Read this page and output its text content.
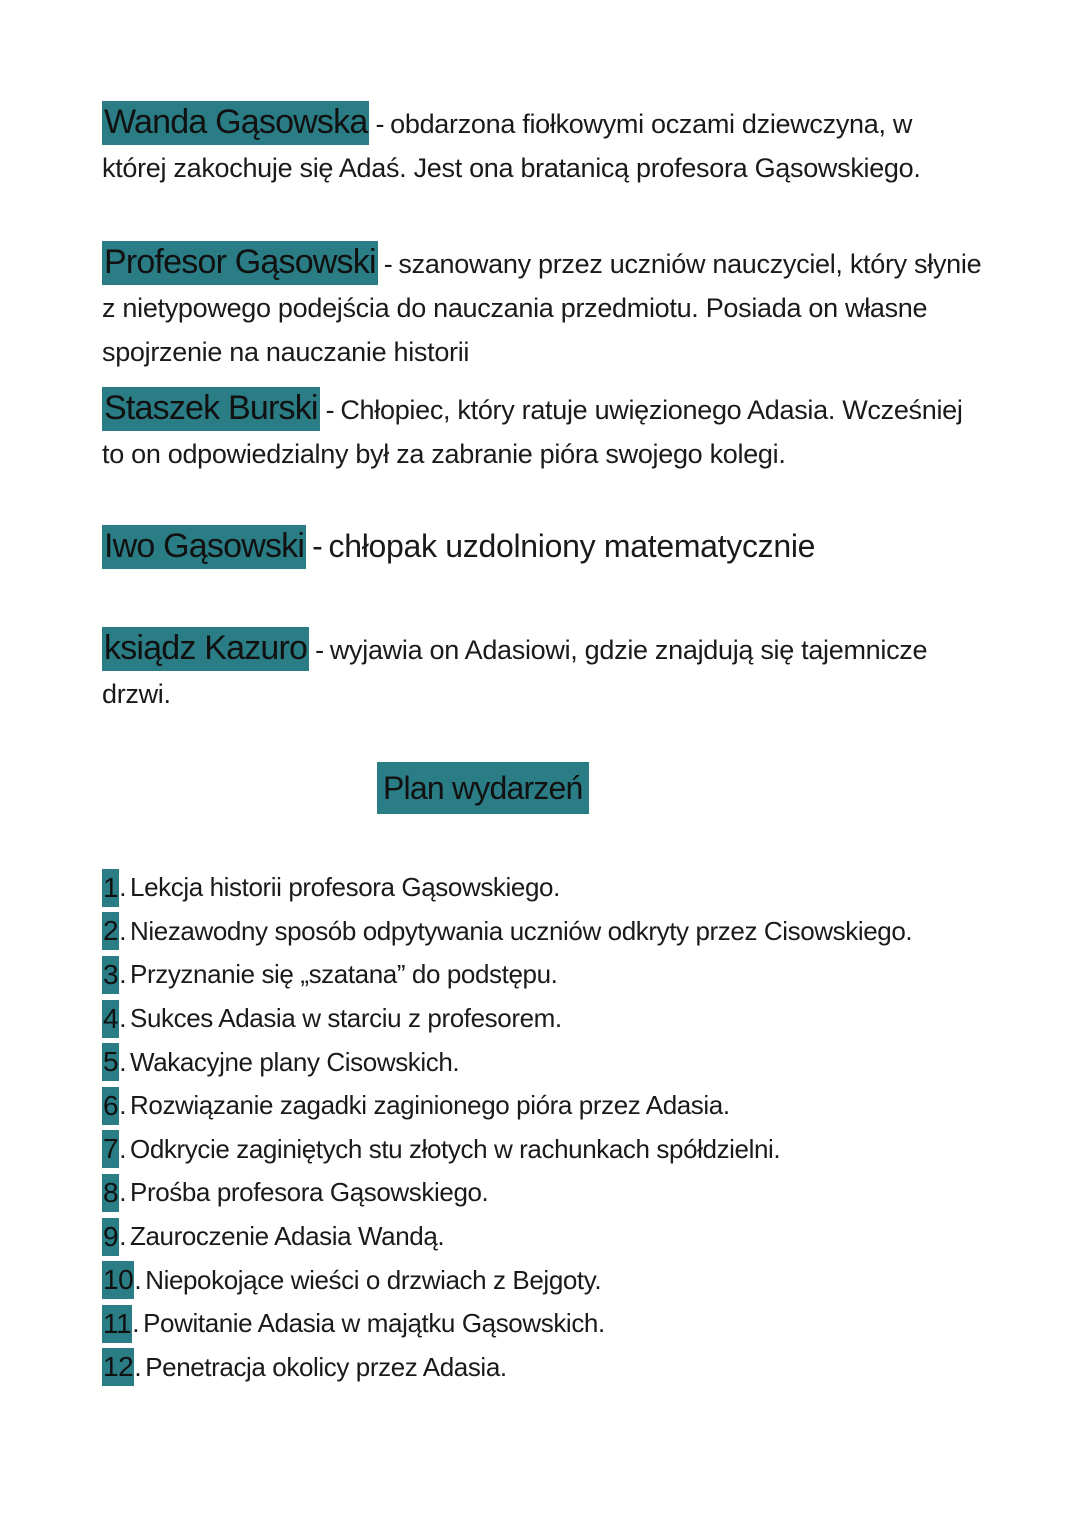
Wanda Gąsowska - obdarzona fiołkowymi oczami dziewczyna, w której zakochuje się Adaś. Jest ona bratanicą profesora Gąsowskiego.
Profesor Gąsowski - szanowany przez uczniów nauczyciel, który słynie z nietypowego podejścia do nauczania przedmiotu. Posiada on własne spojrzenie na nauczanie historii
Staszek Burski - Chłopiec, który ratuje uwięzionego Adasia. Wcześniej to on odpowiedzialny był za zabranie pióra swojego kolegi.
Iwo Gąsowski - chłopak uzdolniony matematycznie
ksiądz Kazuro - wyjawia on Adasiowi, gdzie znajdują się tajemnicze drzwi.
Plan wydarzeń
1 . Lekcja historii profesora Gąsowskiego.
2 . Niezawodny sposób odpytywania uczniów odkryty przez Cisowskiego.
3 . Przyznanie się „szatana” do podstępu.
4 . Sukces Adasia w starciu z profesorem.
5 . Wakacyjne plany Cisowskich.
6 . Rozwiązanie zagadki zaginionego pióra przez Adasia.
7 . Odkrycie zaginiętych stu złotych w rachunkach spółdzielni.
8 . Prośba profesora Gąsowskiego.
9 . Zauroczenie Adasia Wandą.
10 . Niepokojące wieści o drzwiach z Bejgoty.
11 . Powitanie Adasia w majątku Gąsowskich.
12 . Penetracja okolicy przez Adasia.
